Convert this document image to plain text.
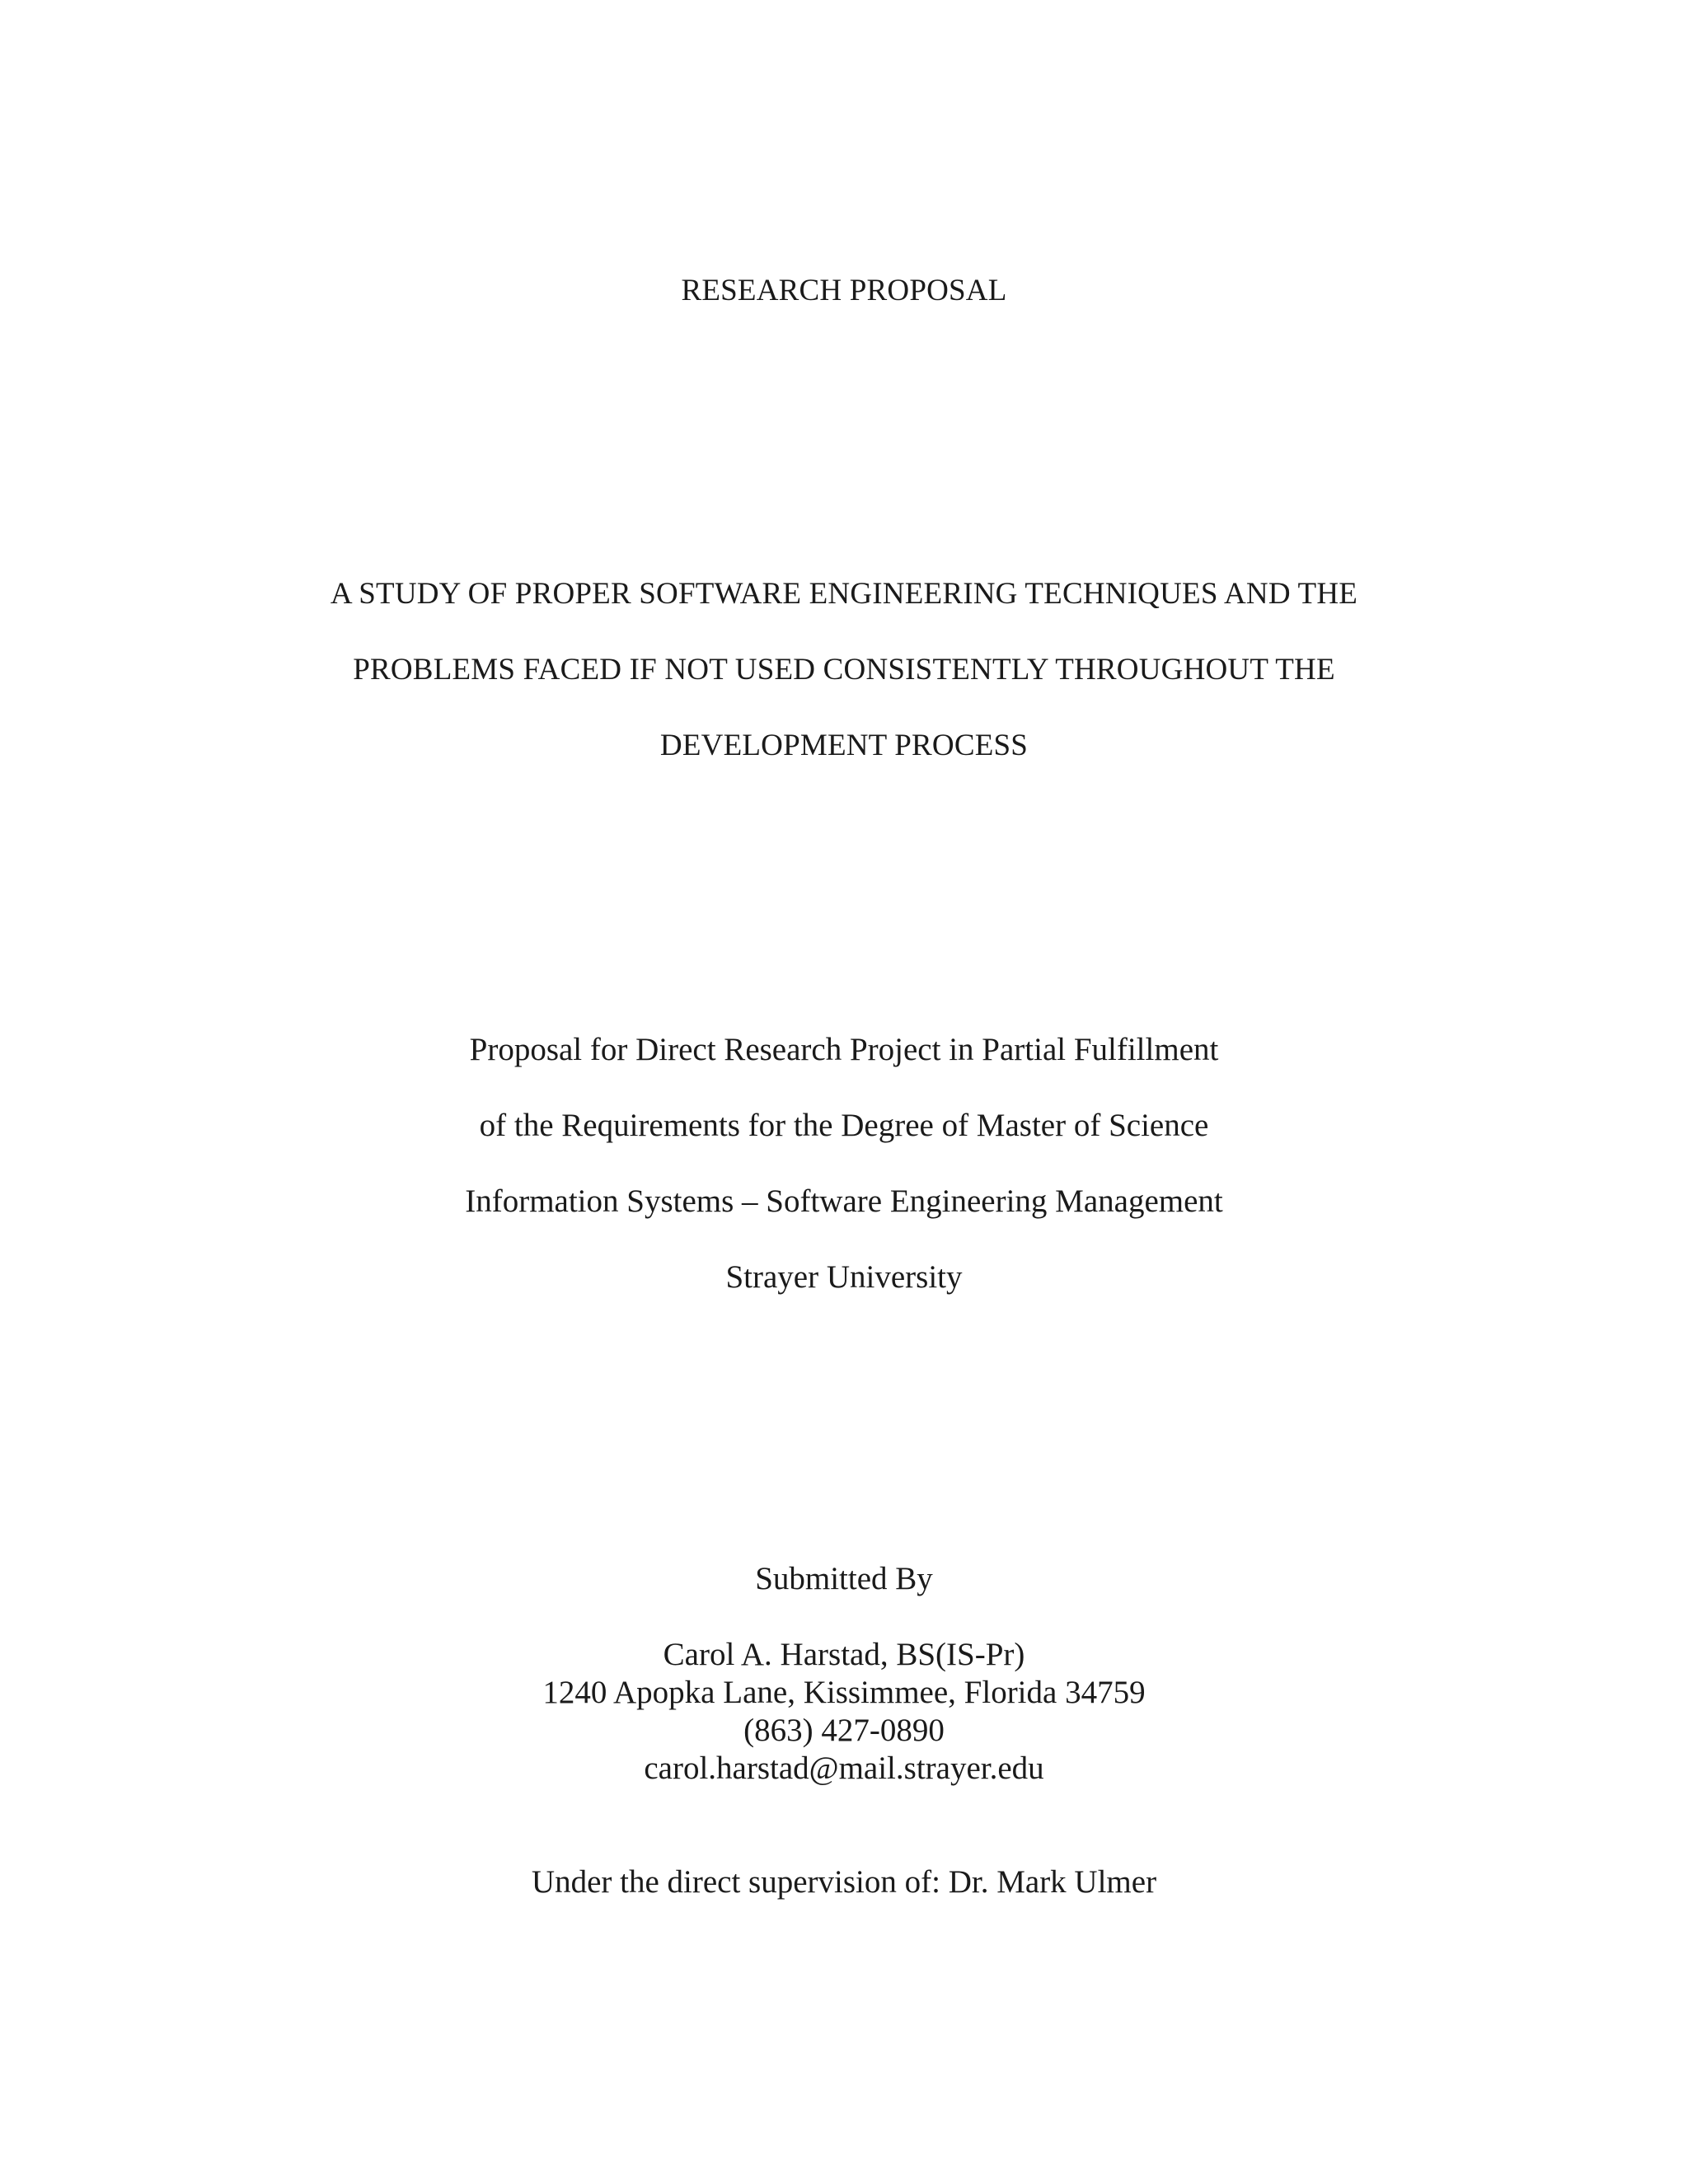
RESEARCH PROPOSAL
A STUDY OF PROPER SOFTWARE ENGINEERING TECHNIQUES AND THE
PROBLEMS FACED IF NOT USED CONSISTENTLY THROUGHOUT THE
DEVELOPMENT PROCESS
Proposal for Direct Research Project in Partial Fulfillment
of the Requirements for the Degree of Master of Science
Information Systems – Software Engineering Management
Strayer University
Submitted By
Carol A. Harstad, BS(IS-Pr)
1240 Apopka Lane, Kissimmee, Florida 34759
(863) 427-0890
carol.harstad@mail.strayer.edu
Under the direct supervision of: Dr. Mark Ulmer
